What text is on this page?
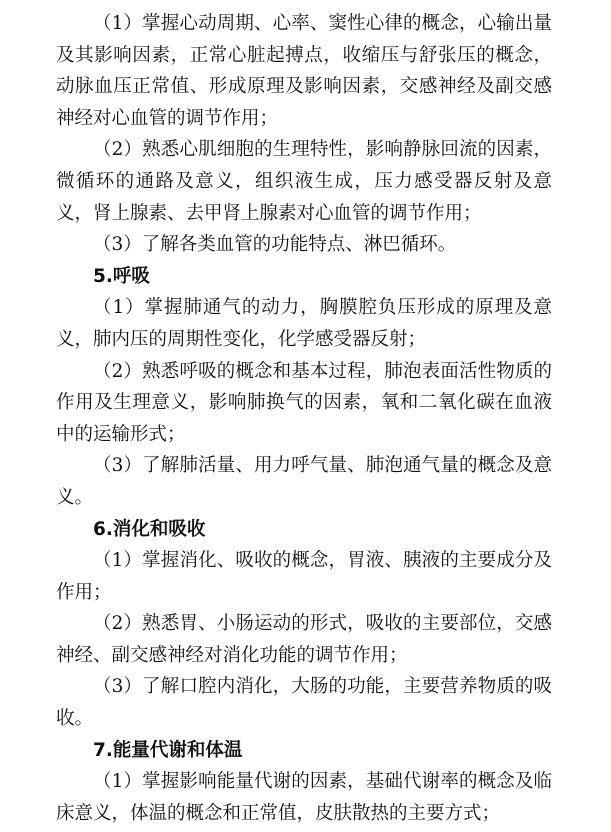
（1）掌握心动周期、心率、窦性心律的概念，心输出量及其影响因素，正常心脏起搏点，收缩压与舒张压的概念，动脉血压正常值、形成原理及影响因素，交感神经及副交感神经对心血管的调节作用；

（2）熟悉心肌细胞的生理特性，影响静脉回流的因素，微循环的通路及意义，组织液生成，压力感受器反射及意义，肾上腺素、去甲肾上腺素对心血管的调节作用；

（3）了解各类血管的功能特点、淋巴循环。

5.呼吸

（1）掌握肺通气的动力，胸膜腔负压形成的原理及意义，肺内压的周期性变化，化学感受器反射；

（2）熟悉呼吸的概念和基本过程，肺泡表面活性物质的作用及生理意义，影响肺换气的因素，氧和二氧化碳在血液中的运输形式；

（3）了解肺活量、用力呼气量、肺泡通气量的概念及意义。

6.消化和吸收

（1）掌握消化、吸收的概念，胃液、胰液的主要成分及作用；

（2）熟悉胃、小肠运动的形式，吸收的主要部位，交感神经、副交感神经对消化功能的调节作用；

（3）了解口腔内消化，大肠的功能，主要营养物质的吸收。

7.能量代谢和体温

（1）掌握影响能量代谢的因素，基础代谢率的概念及临床意义，体温的概念和正常值，皮肤散热的主要方式；
